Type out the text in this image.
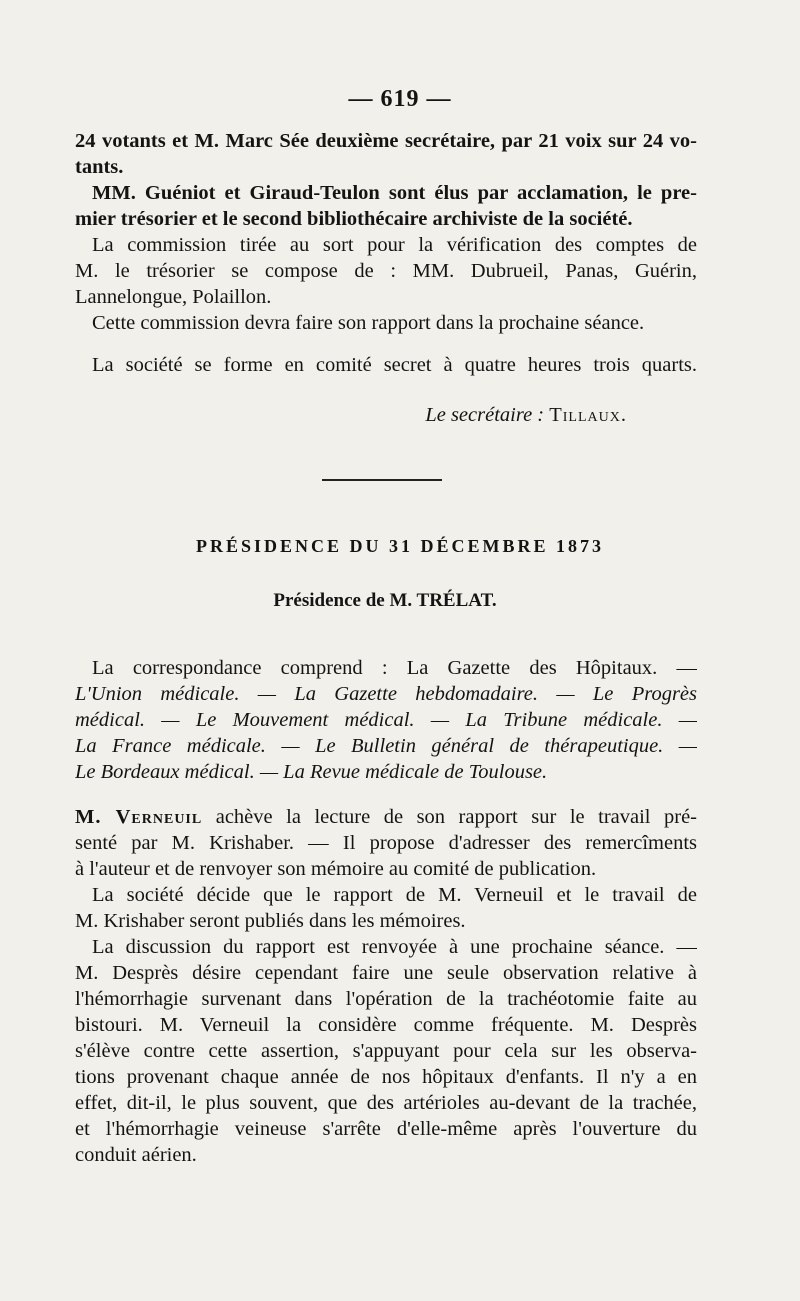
— 619 —
24 votants et M. Marc Sée deuxième secrétaire, par 21 voix sur 24 vo-
tants.
MM. Guéniot et Giraud-Teulon sont élus par acclamation, le pre-
mier trésorier et le second bibliothécaire archiviste de la société.
La commission tirée au sort pour la vérification des comptes de
M. le trésorier se compose de : MM. Dubrueil, Panas, Guérin,
Lannelongue, Polaillon.
Cette commission devra faire son rapport dans la prochaine séance.
La société se forme en comité secret à quatre heures trois quarts.
Le secrétaire : Tillaux.
PRÉSIDENCE DU 31 DÉCEMBRE 1873
Présidence de M. TRÉLAT.
La correspondance comprend : La Gazette des Hôpitaux. —
L'Union médicale. — La Gazette hebdomadaire. — Le Progrès
médical. — Le Mouvement médical. — La Tribune médicale. —
La France médicale. — Le Bulletin général de thérapeutique. —
Le Bordeaux médical. — La Revue médicale de Toulouse.
M. Verneuil achève la lecture de son rapport sur le travail pré-
senté par M. Krishaber. — Il propose d'adresser des remercîments
à l'auteur et de renvoyer son mémoire au comité de publication.
La société décide que le rapport de M. Verneuil et le travail de
M. Krishaber seront publiés dans les mémoires.
La discussion du rapport est renvoyée à une prochaine séance. —
M. Desprès désire cependant faire une seule observation relative à
l'hémorrhagie survenant dans l'opération de la trachéotomie faite au
bistouri. M. Verneuil la considère comme fréquente. M. Desprès
s'élève contre cette assertion, s'appuyant pour cela sur les observa-
tions provenant chaque année de nos hôpitaux d'enfants. Il n'y a en
effet, dit-il, le plus souvent, que des artérioles au-devant de la trachée,
et l'hémorrhagie veineuse s'arrête d'elle-même après l'ouverture du
conduit aérien.
